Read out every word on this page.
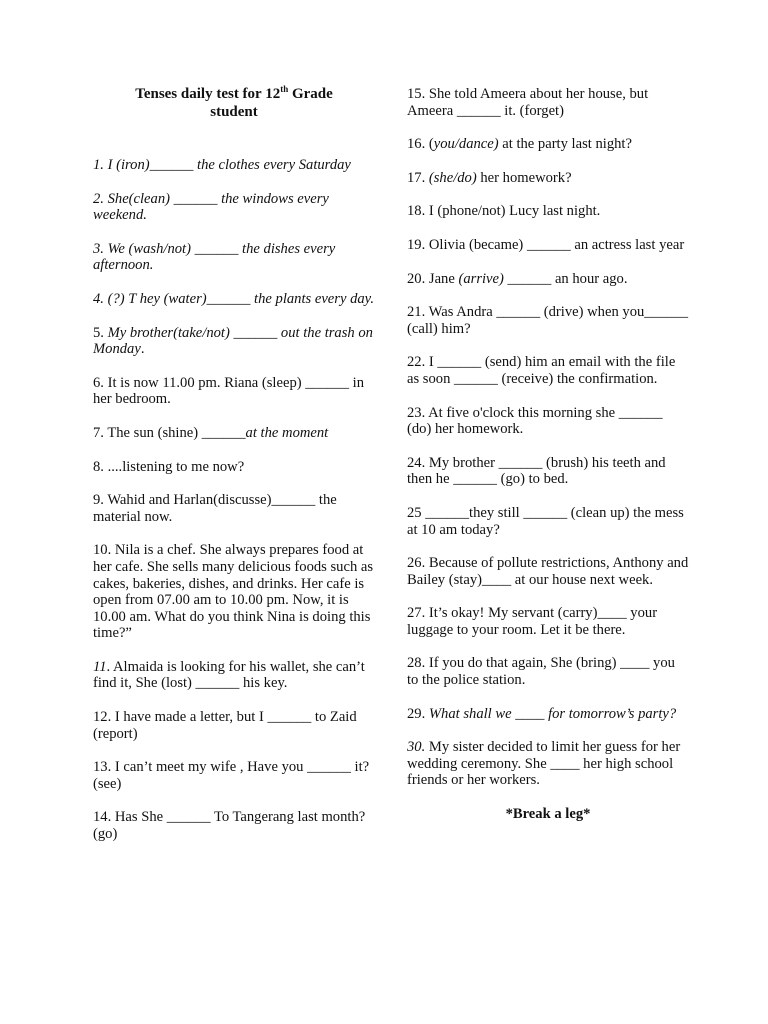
Tenses daily test for 12th Grade
student
1. I (iron)______ the clothes every Saturday
2. She(clean) ______ the windows every weekend.
3. We (wash/not) ______ the dishes every afternoon.
4. (?) T hey (water)______ the plants every day.
5. My brother(take/not) ______ out the trash on Monday.
6. It is now 11.00 pm. Riana (sleep) ______ in her bedroom.
7. The sun (shine) ______at the moment
8. ....listening to me now?
9. Wahid and Harlan(discusse)______ the material now.
10. Nila is a chef. She always prepares food at her cafe. She sells many delicious foods such as cakes, bakeries, dishes, and drinks. Her cafe is open from 07.00 am to 10.00 pm. Now, it is 10.00 am. What do you think Nina is doing this time?”
11. Almaida is looking for his wallet, she can’t find it, She (lost) ______ his key.
12. I have made a letter, but I ______ to Zaid (report)
13. I can’t meet my wife , Have you ______ it? (see)
14. Has She ______ To Tangerang last month? (go)
15. She told Ameera about her house, but Ameera ______ it. (forget)
16. (you/dance) at the party last night?
17. (she/do) her homework?
18. I (phone/not) Lucy last night.
19. Olivia (became) ______ an actress last year
20. Jane (arrive) ______ an hour ago.
21. Was Andra ______ (drive) when you______ (call) him?
22. I ______ (send) him an email with the file as soon ______ (receive) the confirmation.
23. At five o'clock this morning she ______ (do) her homework.
24. My brother ______ (brush) his teeth and then he ______ (go) to bed.
25 ______they still ______ (clean up) the mess at 10 am today?
26. Because of pollute restrictions, Anthony and Bailey (stay)____ at our house next week.
27. It’s okay! My servant (carry)____ your luggage to your room. Let it be there.
28. If you do that again, She (bring) ____ you to the police station.
29. What shall we ____ for tomorrow’s party?
30. My sister decided to limit her guess for her wedding ceremony. She ____ her high school friends or her workers.
*Break a leg*
